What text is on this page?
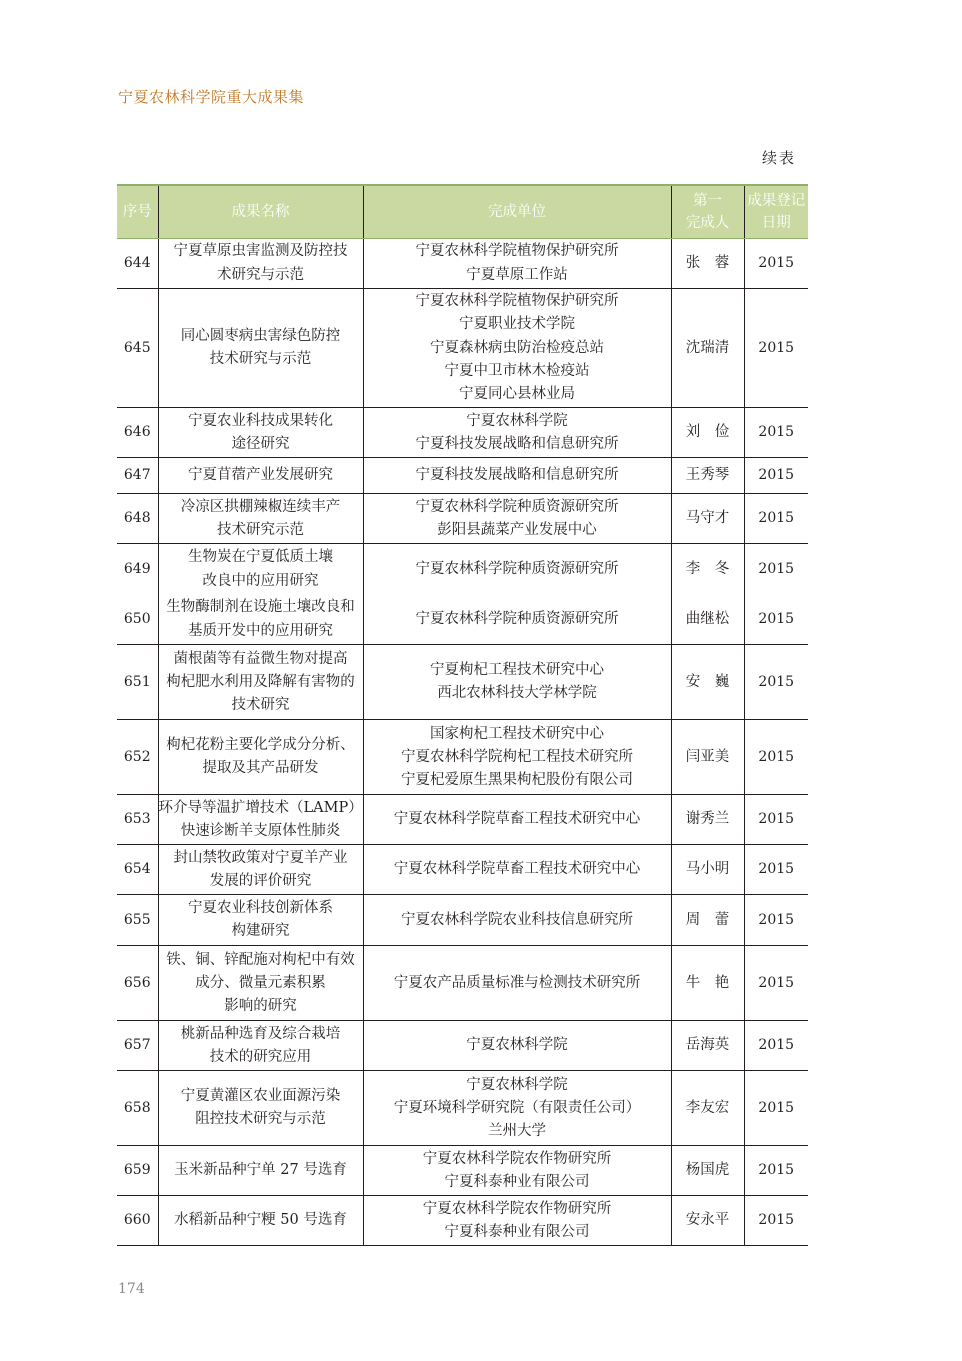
宁夏农林科学院重大成果集
续表
序号	成果名称	完成单位	第一
完成人	成果登记
日期

644	宁夏草原虫害监测及防控技
术研究与示范	宁夏农林科学院植物保护研究所
宁夏草原工作站	张　蓉	2015
645	同心圆枣病虫害绿色防控
技术研究与示范	宁夏农林科学院植物保护研究所
宁夏职业技术学院
宁夏森林病虫防治检疫总站
宁夏中卫市林木检疫站
宁夏同心县林业局	沈瑞清	2015
646	宁夏农业科技成果转化
途径研究	宁夏农林科学院
宁夏科技发展战略和信息研究所	刘　俭	2015
647	宁夏苜蓿产业发展研究	宁夏科技发展战略和信息研究所	王秀琴	2015
648	冷凉区拱棚辣椒连续丰产
技术研究示范	宁夏农林科学院种质资源研究所
彭阳县蔬菜产业发展中心	马守才	2015
649	生物炭在宁夏低质土壤
改良中的应用研究	宁夏农林科学院种质资源研究所	李　冬	2015
650	生物酶制剂在设施土壤改良和
基质开发中的应用研究	宁夏农林科学院种质资源研究所	曲继松	2015
651	菌根菌等有益微生物对提高
枸杞肥水利用及降解有害物的
技术研究	宁夏枸杞工程技术研究中心
西北农林科技大学林学院	安　巍	2015
652	枸杞花粉主要化学成分分析、
提取及其产品研发	国家枸杞工程技术研究中心
宁夏农林科学院枸杞工程技术研究所
宁夏杞爱原生黑果枸杞股份有限公司	闫亚美	2015
653	环介导等温扩增技术（LAMP）
快速诊断羊支原体性肺炎	宁夏农林科学院草畜工程技术研究中心	谢秀兰	2015
654	封山禁牧政策对宁夏羊产业
发展的评价研究	宁夏农林科学院草畜工程技术研究中心	马小明	2015
655	宁夏农业科技创新体系
构建研究	宁夏农林科学院农业科技信息研究所	周　蕾	2015
656	铁、铜、锌配施对枸杞中有效
成分、微量元素积累
影响的研究	宁夏农产品质量标准与检测技术研究所	牛　艳	2015
657	桃新品种选育及综合栽培
技术的研究应用	宁夏农林科学院	岳海英	2015
658	宁夏黄灌区农业面源污染
阻控技术研究与示范	宁夏农林科学院
宁夏环境科学研究院（有限责任公司）
兰州大学	李友宏	2015
659	玉米新品种宁单 27 号选育	宁夏农林科学院农作物研究所
宁夏科泰种业有限公司	杨国虎	2015
660	水稻新品种宁粳 50 号选育	宁夏农林科学院农作物研究所
宁夏科泰种业有限公司	安永平	2015
174
